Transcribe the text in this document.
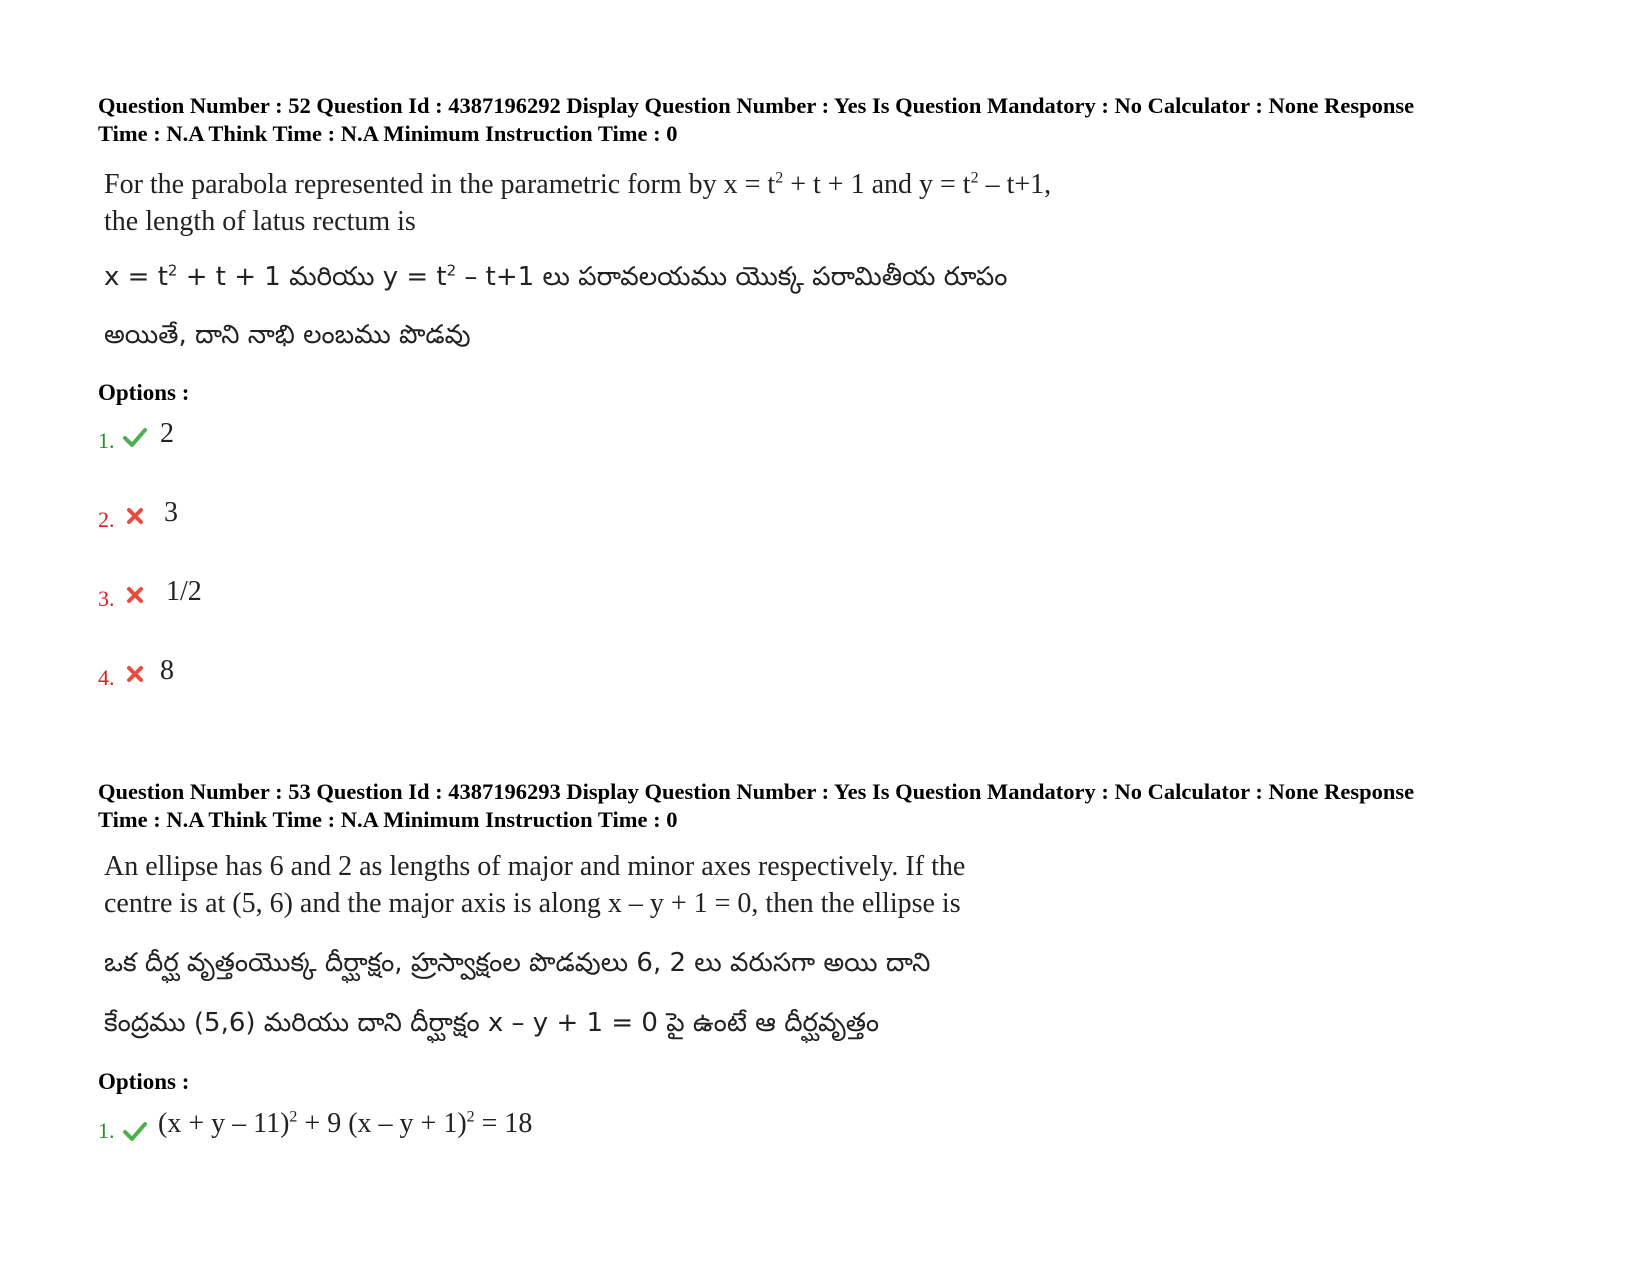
Question Number : 52 Question Id : 4387196292 Display Question Number : Yes Is Question Mandatory : No Calculator : None Response
Time : N.A Think Time : N.A Minimum Instruction Time : 0
For the parabola represented in the parametric form by $x = t^2 + t + 1$ and $y = t^2 - t+1$,
the length of latus rectum is
$x = t^2 + t + 1$ మరియు $y = t^2 - t+1$ లు పరావలయము యొక్క పరామితీయ రూపం
అయితే, దాని నాభి లంబము పొడవు
Options :
1. 2
2. 3
3. 1/2
4. 8
Question Number : 53 Question Id : 4387196293 Display Question Number : Yes Is Question Mandatory : No Calculator : None Response
Time : N.A Think Time : N.A Minimum Instruction Time : 0
An ellipse has 6 and 2 as lengths of major and minor axes respectively. If the
centre is at (5, 6) and the major axis is along x – y + 1 = 0, then the ellipse is
ఒక దీర్ఘ వృత్తంయొక్క దీర్ఘాక్షం, హ్రస్వాక్షంల పొడవులు 6, 2 లు వరుసగా అయి దాని
కేంద్రము (5,6) మరియు దాని దీర్ఘాక్షం x – y + 1 = 0 పై ఉంటే ఆ దీర్ఘవృత్తం
Options :
1. $(x + y - 11)^2 + 9$ $(x - y + 1)^2 = 18$
